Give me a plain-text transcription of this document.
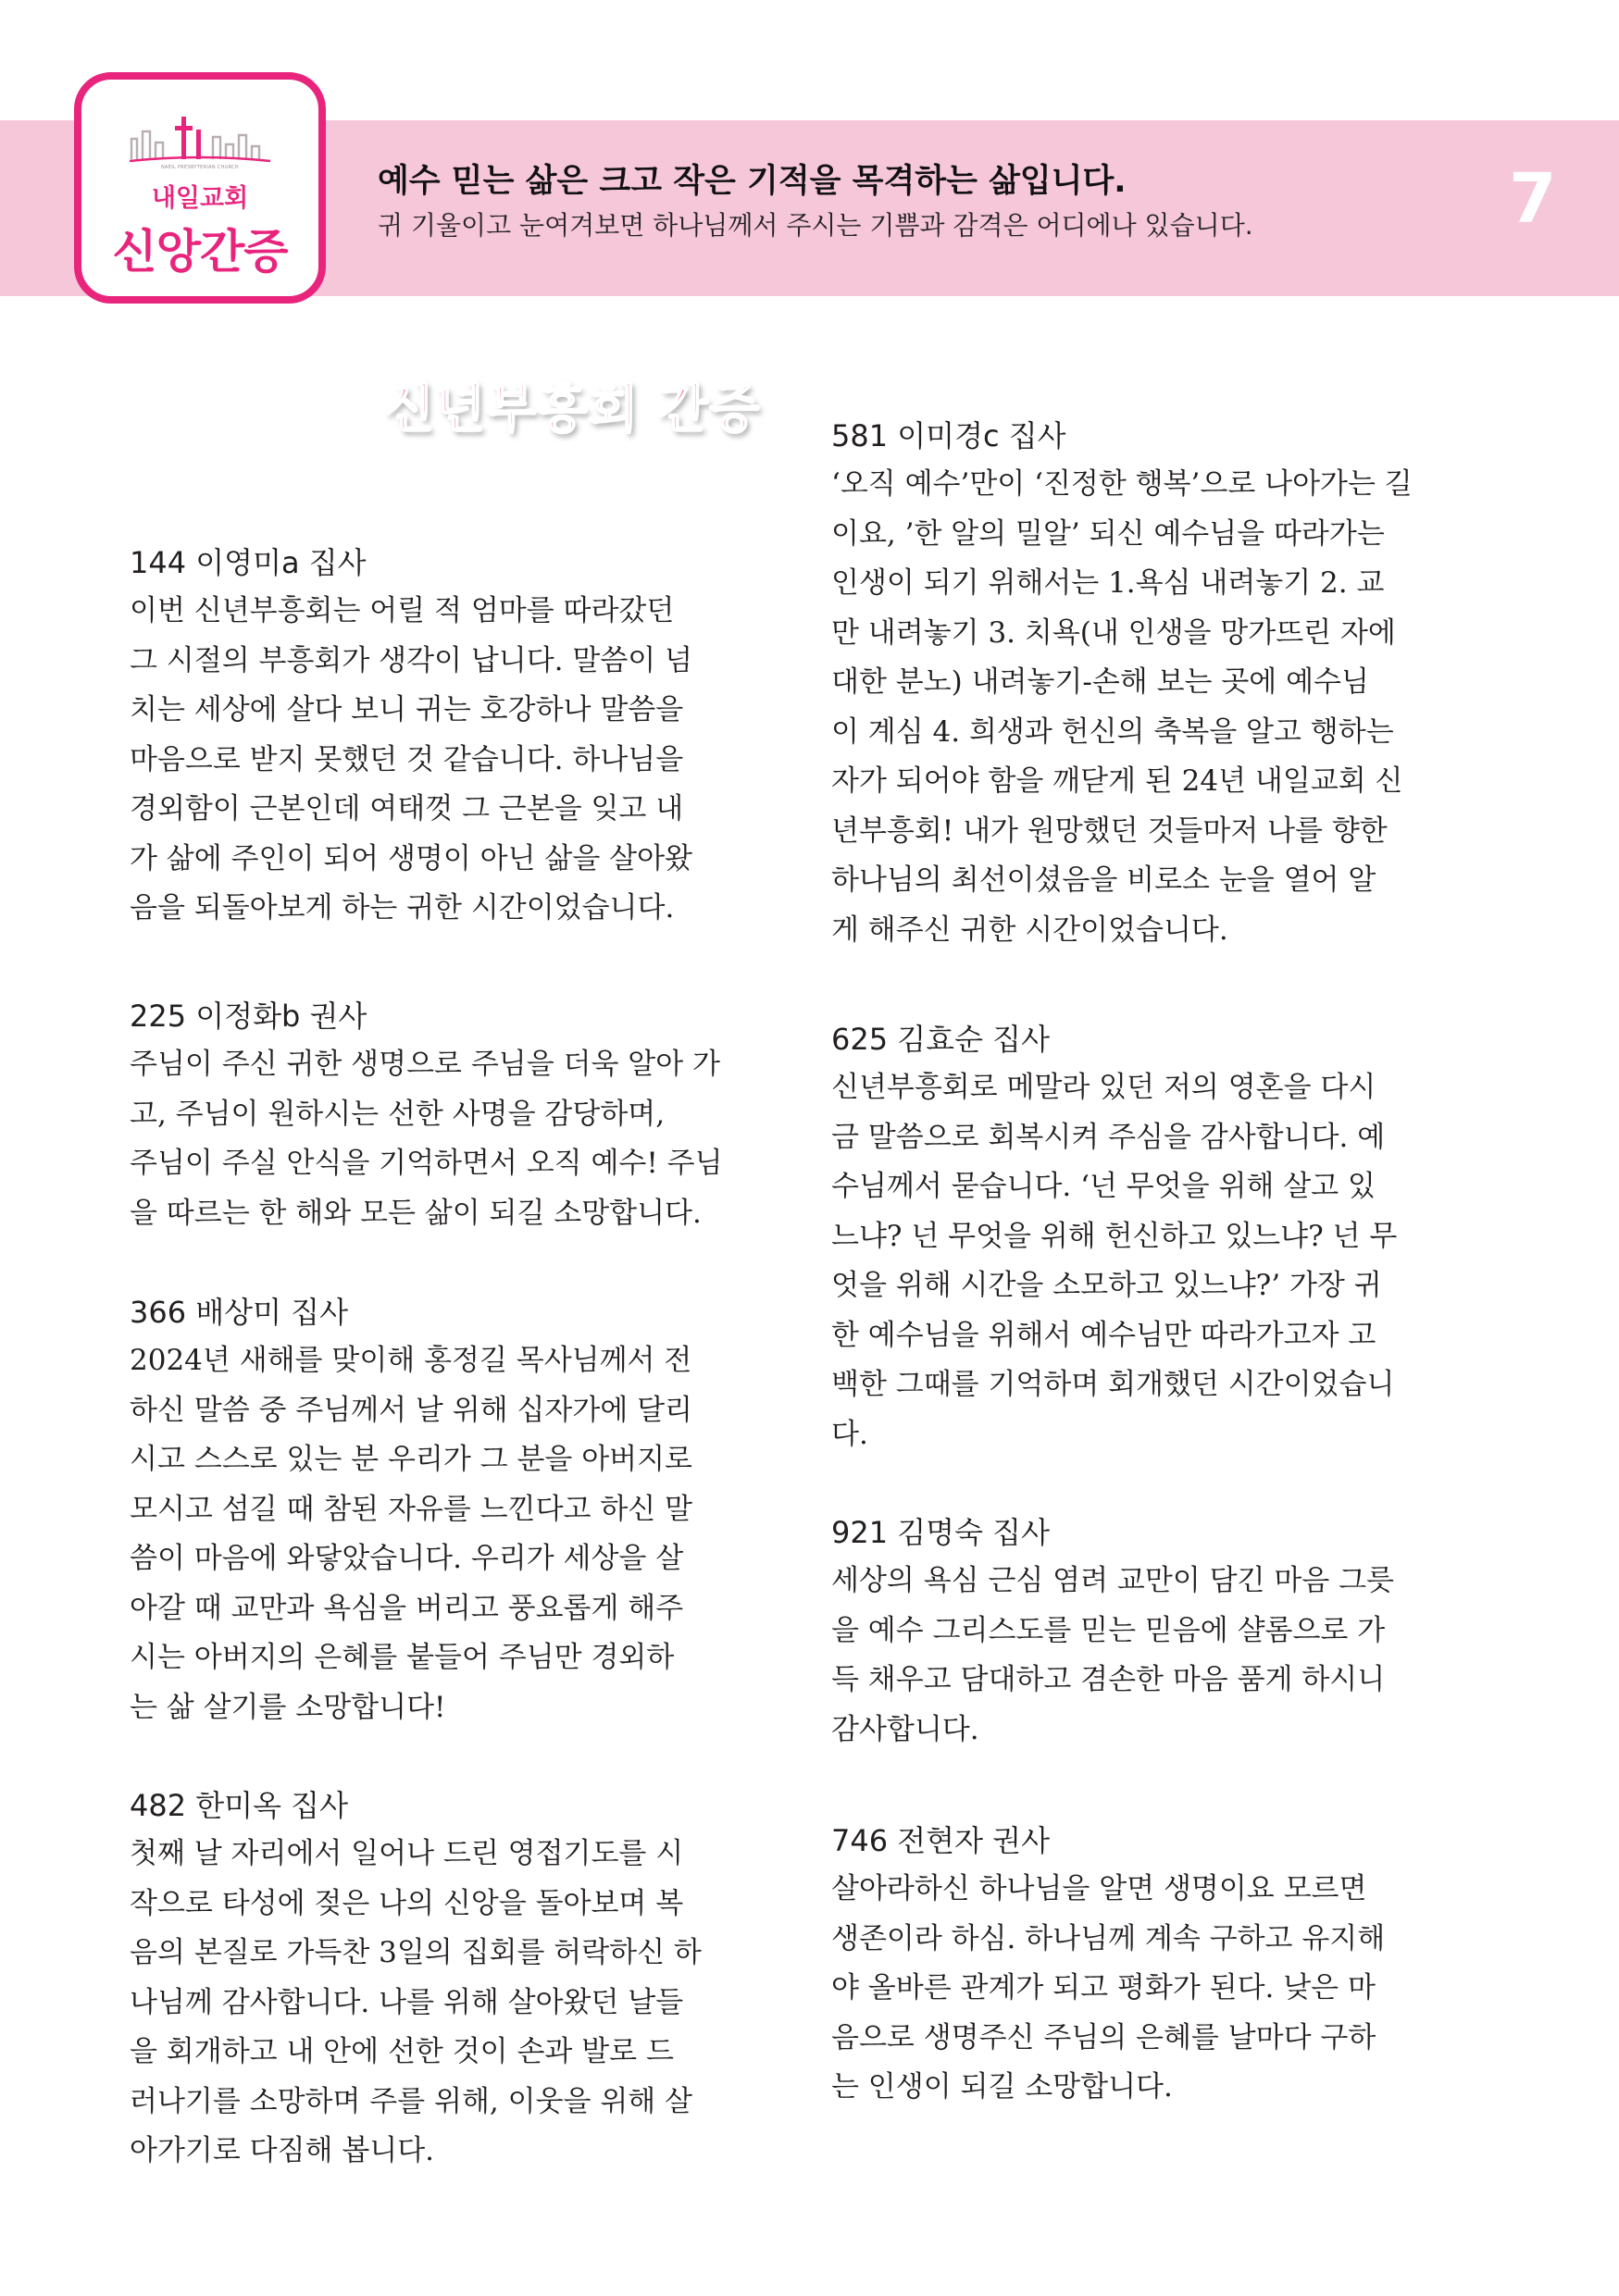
NAEIL PRESBYTERIAN CHURCH
내일교회
신앙간증
예수 믿는 삶은 크고 작은 기적을 목격하는 삶입니다.
귀 기울이고 눈여겨보면 하나님께서 주시는 기쁨과 감격은 어디에나 있습니다.	7
신년부흥회 간증
144 이영미a 집사
이번 신년부흥회는 어릴 적 엄마를 따라갔던
그 시절의 부흥회가 생각이 납니다. 말씀이 넘
치는 세상에 살다 보니 귀는 호강하나 말씀을
마음으로 받지 못했던 것 같습니다. 하나님을
경외함이 근본인데 여태껏 그 근본을 잊고 내
가 삶에 주인이 되어 생명이 아닌 삶을 살아왔
음을 되돌아보게 하는 귀한 시간이었습니다.
225 이정화b 권사
주님이 주신 귀한 생명으로 주님을 더욱 알아 가
고, 주님이 원하시는 선한 사명을 감당하며,
주님이 주실 안식을 기억하면서 오직 예수! 주님
을 따르는 한 해와 모든 삶이 되길 소망합니다.
366 배상미 집사
2024년 새해를 맞이해 홍정길 목사님께서 전
하신 말씀 중 주님께서 날 위해 십자가에 달리
시고 스스로 있는 분 우리가 그 분을 아버지로
모시고 섬길 때 참된 자유를 느낀다고 하신 말
씀이 마음에 와닿았습니다. 우리가 세상을 살
아갈 때 교만과 욕심을 버리고 풍요롭게 해주
시는 아버지의 은혜를 붙들어 주님만 경외하
는 삶 살기를 소망합니다!
482 한미옥 집사
첫째 날 자리에서 일어나 드린 영접기도를 시
작으로 타성에 젖은 나의 신앙을 돌아보며 복
음의 본질로 가득찬 3일의 집회를 허락하신 하
나님께 감사합니다. 나를 위해 살아왔던 날들
을 회개하고 내 안에 선한 것이 손과 발로 드
러나기를 소망하며 주를 위해, 이웃을 위해 살
아가기로 다짐해 봅니다.
581 이미경c 집사
‘오직 예수’만이 ‘진정한 행복’으로 나아가는 길
이요, ’한 알의 밀알’ 되신 예수님을 따라가는
인생이 되기 위해서는 1.욕심 내려놓기 2. 교
만 내려놓기 3. 치욕(내 인생을 망가뜨린 자에
대한 분노) 내려놓기-손해 보는 곳에 예수님
이 계심 4. 희생과 헌신의 축복을 알고 행하는
자가 되어야 함을 깨닫게 된 24년 내일교회 신
년부흥회! 내가 원망했던 것들마저 나를 향한
하나님의 최선이셨음을 비로소 눈을 열어 알
게 해주신 귀한 시간이었습니다.
625 김효순 집사
신년부흥회로 메말라 있던 저의 영혼을 다시
금 말씀으로 회복시켜 주심을 감사합니다. 예
수님께서 묻습니다. ‘넌 무엇을 위해 살고 있
느냐? 넌 무엇을 위해 헌신하고 있느냐? 넌 무
엇을 위해 시간을 소모하고 있느냐?’ 가장 귀
한 예수님을 위해서 예수님만 따라가고자 고
백한 그때를 기억하며 회개했던 시간이었습니
다.
921 김명숙 집사
세상의 욕심 근심 염려 교만이 담긴 마음 그릇
을 예수 그리스도를 믿는 믿음에 샬롬으로 가
득 채우고 담대하고 겸손한 마음 품게 하시니
감사합니다.
746 전현자 권사
살아라하신 하나님을 알면 생명이요 모르면
생존이라 하심. 하나님께 계속 구하고 유지해
야 올바른 관계가 되고 평화가 된다. 낮은 마
음으로 생명주신 주님의 은혜를 날마다 구하
는 인생이 되길 소망합니다.
